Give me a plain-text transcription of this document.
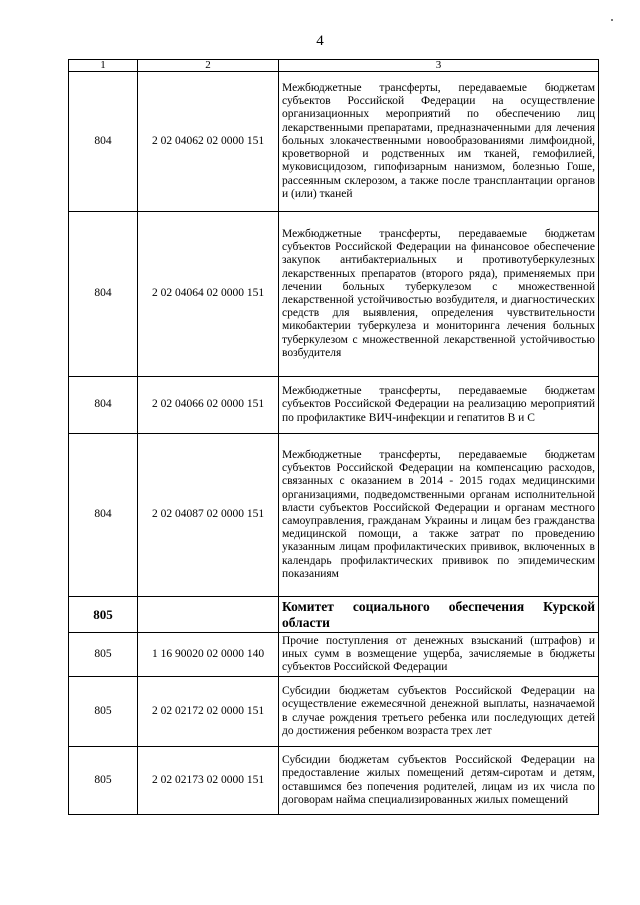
4
1	2	3
804	2 02 04062 02 0000 151	Межбюджетные трансферты, передаваемые бюджетам субъектов Российской Федерации на осуществление организационных мероприятий по обеспечению лиц лекарственными препаратами, предназначенными для лечения больных злокачественными новообразованиями лимфоидной, кроветворной и родственных им тканей, гемофилией, муковисцидозом, гипофизарным нанизмом, болезнью Гоше, рассеянным склерозом, а также после трансплантации органов и (или) тканей
804	2 02 04064 02 0000 151	Межбюджетные трансферты, передаваемые бюджетам субъектов Российской Федерации на финансовое обеспечение закупок антибактериальных и противотуберкулезных лекарственных препаратов (второго ряда), применяемых при лечении больных туберкулезом с множественной лекарственной устойчивостью возбудителя, и диагностических средств для выявления, определения чувствительности микобактерии туберкулеза и мониторинга лечения больных туберкулезом с множественной лекарственной устойчивостью возбудителя
804	2 02 04066 02 0000 151	Межбюджетные трансферты, передаваемые бюджетам субъектов Российской Федерации на реализацию мероприятий по профилактике ВИЧ-инфекции и гепатитов B и C
804	2 02 04087 02 0000 151	Межбюджетные трансферты, передаваемые бюджетам субъектов Российской Федерации на компенсацию расходов, связанных с оказанием в 2014 - 2015 годах медицинскими организациями, подведомственными органам исполнительной власти субъектов Российской Федерации и органам местного самоуправления, гражданам Украины и лицам без гражданства медицинской помощи, а также затрат по проведению указанным лицам профилактических прививок, включенных в календарь профилактических прививок по эпидемическим показаниям
805		Комитет социального обеспечения Курской области
805	1 16 90020 02 0000 140	Прочие поступления от денежных взысканий (штрафов) и иных сумм в возмещение ущерба, зачисляемые в бюджеты субъектов Российской Федерации
805	2 02 02172 02 0000 151	Субсидии бюджетам субъектов Российской Федерации на осуществление ежемесячной денежной выплаты, назначаемой в случае рождения третьего ребенка или последующих детей до достижения ребенком возраста трех лет
805	2 02 02173 02 0000 151	Субсидии бюджетам субъектов Российской Федерации на предоставление жилых помещений детям-сиротам и детям, оставшимся без попечения родителей, лицам из их числа по договорам найма специализированных жилых помещений
